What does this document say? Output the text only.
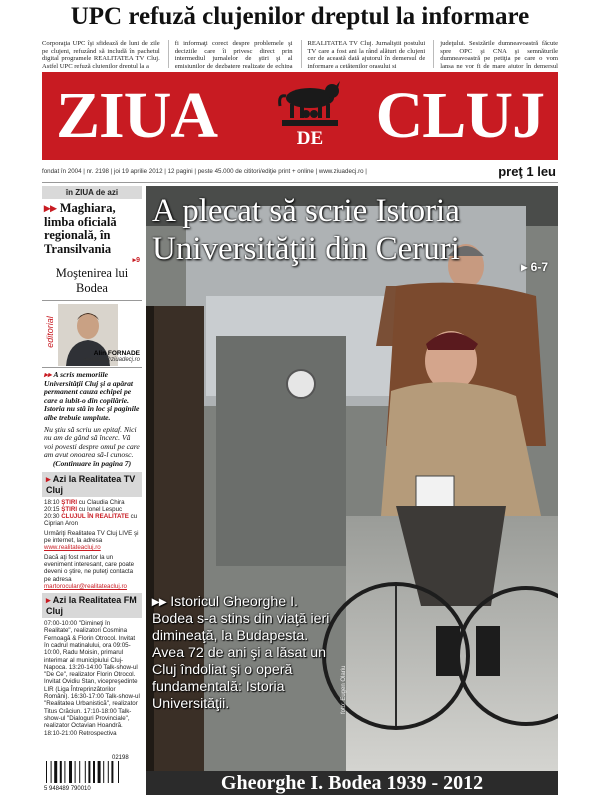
UPC refuză clujenilor dreptul la informare
Corporaţia UPC îşi sfidează de luni de zile pe clujeni, refuzând să includă în pachetul digital programele REALITATEA TV Cluj. Astfel UPC refuză clujenilor dreptul la a
fi informaţi corect despre problemele şi deciziile care îi privesc direct prin intermediul jurnalelor de ştiri şi al emisiunilor de dezbatere realizate de echipa
REALITATEA TV Cluj. Jurnaliştii postului TV care a fost ani la rând alături de clujeni cer de această dată ajutorul în demersul de informare a cetăţenilor oraşului şi
judeţului. Sesizările dumneavoastră făcute spre OPC şi CNA şi semnăturile dumneavoastră pe petiţia pe care o vom lansa ne vor fi de mare ajutor în demersul
ZIUA	DE CLUJ
fondat în 2004 | nr. 2198 | joi 19 aprilie 2012 | 12 pagini | peste 45.000 de cititori/ediţie print + online | www.ziuadecj.ro |	preţ 1 leu
în ZIUA de azi
▸▸ Maghiara, limba oficială regională, în Transilvania
▸9
Moştenirea lui Bodea
editorial
Alin FORNADE
redactie@ziuadecj.ro
▸▸ A scris memoriile Universităţii Cluj şi a apărat permanent cauza echipei pe care a iubit-o din copilărie. Istoria nu stă în loc şi paginile albe trebuie umplute.
Nu ştiu să scriu un epitaf. Nici nu am de gând să încerc. Vă voi povesti despre omul pe care am avut onoarea să-l cunosc.
(Continuare în pagina 7)
▸ Azi la Realitatea TV Cluj
18:10 ŞTIRI cu Claudia Chira
20:15 ŞTIRI cu Ionel Lespuc
20:30 CLUJUL ÎN REALITATE cu Ciprian Aron
Urmăriţi Realitatea TV Cluj LIVE şi pe internet, la adresa www.realitateacluj.ro
Dacă aţi fost martor la un eveniment interesant, care poate deveni o ştire, ne puteţi contacta pe adresa martorocular@realitateacluj.ro
▸ Azi la Realitatea FM Cluj
07:00-10:00 "Dimineţi în Realitate", realizatori Cosmina Fernoagă & Florin Otrocol. Invitat în cadrul matinalului, ora 09:05-10:00, Radu Moisin, primarul interimar al municipiului Cluj-Napoca. 13:20-14:00 Talk-show-ul "De Ce", realizator Florin Otrocol. Invitat Ovidiu Stan, vicepreşedinte LIR (Liga Întreprinzătorilor Români). 16:30-17:00 Talk-show-ul "Realitatea Urbanistică", realizator Titus Crăciun. 17:10-18:00 Talk-show-ul "Dialoguri Provinciale", realizator Octavian Hoandră. 18:10-21:00 Retrospectiva
02198
5 948489 790010
A plecat să scrie Istoria Universităţii din Ceruri	▸ 6-7
▸▸ Istoricul Gheorghe I. Bodea s-a stins din viaţă ieri dimineaţă, la Budapesta. Avea 72 de ani şi a lăsat un Cluj îndoliat şi o operă fundamentală: Istoria Universităţii.	foto: Eugen Olariu
Gheorghe I. Bodea 1939 - 2012
